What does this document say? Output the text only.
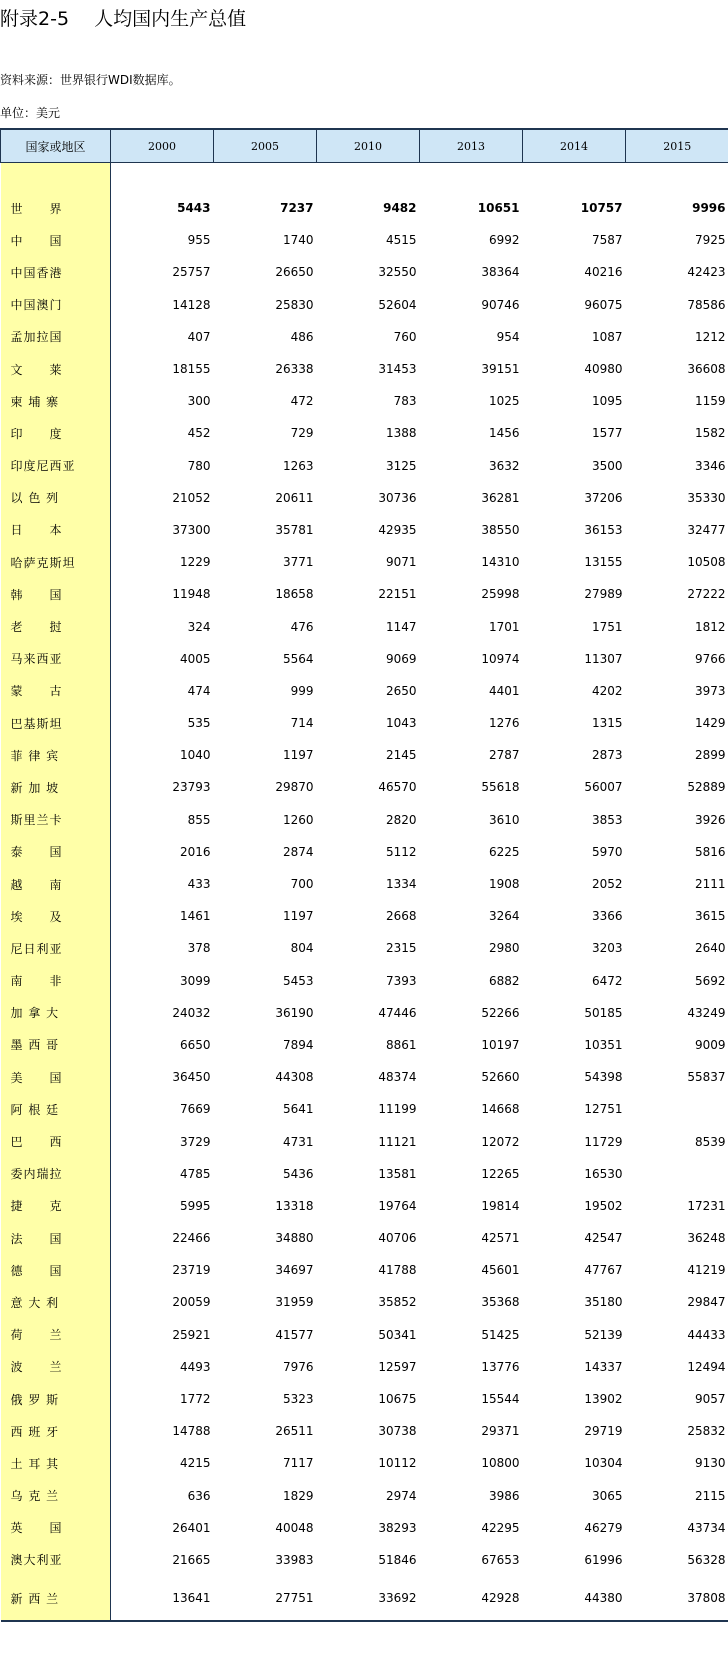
附录2-5　 人均国内生产总值
资料来源：世界银行WDI数据库。
单位：美元
国家或地区	2000	2005	2010	2013	2014	2015

世　　界	5443	7237	9482	10651	10757	9996
中　　国	955	1740	4515	6992	7587	7925
中国香港	25757	26650	32550	38364	40216	42423
中国澳门	14128	25830	52604	90746	96075	78586
孟加拉国	407	486	760	954	1087	1212
文　　莱	18155	26338	31453	39151	40980	36608
柬 埔 寨	300	472	783	1025	1095	1159
印　　度	452	729	1388	1456	1577	1582
印度尼西亚	780	1263	3125	3632	3500	3346
以 色 列	21052	20611	30736	36281	37206	35330
日　　本	37300	35781	42935	38550	36153	32477
哈萨克斯坦	1229	3771	9071	14310	13155	10508
韩　　国	11948	18658	22151	25998	27989	27222
老　　挝	324	476	1147	1701	1751	1812
马来西亚	4005	5564	9069	10974	11307	9766
蒙　　古	474	999	2650	4401	4202	3973
巴基斯坦	535	714	1043	1276	1315	1429
菲 律 宾	1040	1197	2145	2787	2873	2899
新 加 坡	23793	29870	46570	55618	56007	52889
斯里兰卡	855	1260	2820	3610	3853	3926
泰　　国	2016	2874	5112	6225	5970	5816
越　　南	433	700	1334	1908	2052	2111
埃　　及	1461	1197	2668	3264	3366	3615
尼日利亚	378	804	2315	2980	3203	2640
南　　非	3099	5453	7393	6882	6472	5692
加 拿 大	24032	36190	47446	52266	50185	43249
墨 西 哥	6650	7894	8861	10197	10351	9009
美　　国	36450	44308	48374	52660	54398	55837
阿 根 廷	7669	5641	11199	14668	12751	
巴　　西	3729	4731	11121	12072	11729	8539
委内瑞拉	4785	5436	13581	12265	16530	
捷　　克	5995	13318	19764	19814	19502	17231
法　　国	22466	34880	40706	42571	42547	36248
德　　国	23719	34697	41788	45601	47767	41219
意 大 利	20059	31959	35852	35368	35180	29847
荷　　兰	25921	41577	50341	51425	52139	44433
波　　兰	4493	7976	12597	13776	14337	12494
俄 罗 斯	1772	5323	10675	15544	13902	9057
西 班 牙	14788	26511	30738	29371	29719	25832
土 耳 其	4215	7117	10112	10800	10304	9130
乌 克 兰	636	1829	2974	3986	3065	2115
英　　国	26401	40048	38293	42295	46279	43734
澳大利亚	21665	33983	51846	67653	61996	56328
新 西 兰	13641	27751	33692	42928	44380	37808
